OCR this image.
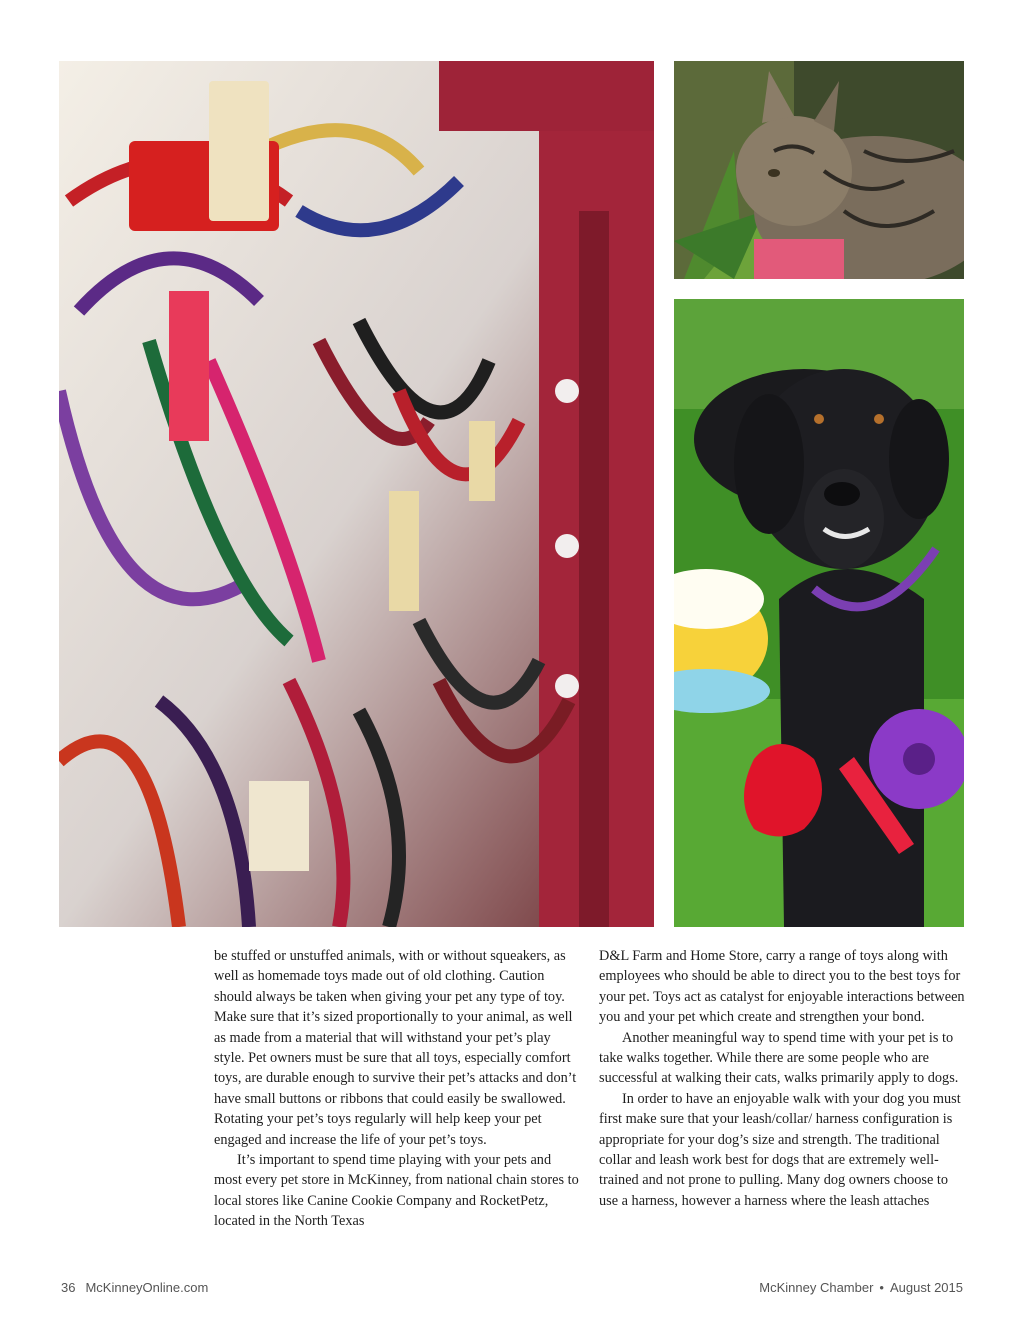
be stuffed or unstuffed animals, with or without squeakers, as well as homemade toys made out of old clothing. Caution should always be taken when giving your pet any type of toy. Make sure that it’s sized proportionally to your animal, as well as made from a material that will withstand your pet’s play style. Pet owners must be sure that all toys, especially comfort toys, are durable enough to survive their pet’s attacks and don’t have small buttons or ribbons that could easily be swallowed. Rotating your pet’s toys regularly will help keep your pet engaged and increase the life of your pet’s toys.

It’s important to spend time playing with your pets and most every pet store in McKinney, from national chain stores to local stores like Canine Cookie Company and RocketPetz, located in the North Texas

D&L Farm and Home Store, carry a range of toys along with employees who should be able to direct you to the best toys for your pet. Toys act as catalyst for enjoyable interactions between you and your pet which create and strengthen your bond.

Another meaningful way to spend time with your pet is to take walks together. While there are some people who are successful at walking their cats, walks primarily apply to dogs.

In order to have an enjoyable walk with your dog you must first make sure that your leash/collar/ harness configuration is appropriate for your dog’s size and strength. The traditional collar and leash work best for dogs that are extremely well-trained and not prone to pulling. Many dog owners choose to use a harness, however a harness where the leash attaches

36 McKinneyOnline.com	McKinney Chamber • August 2015
